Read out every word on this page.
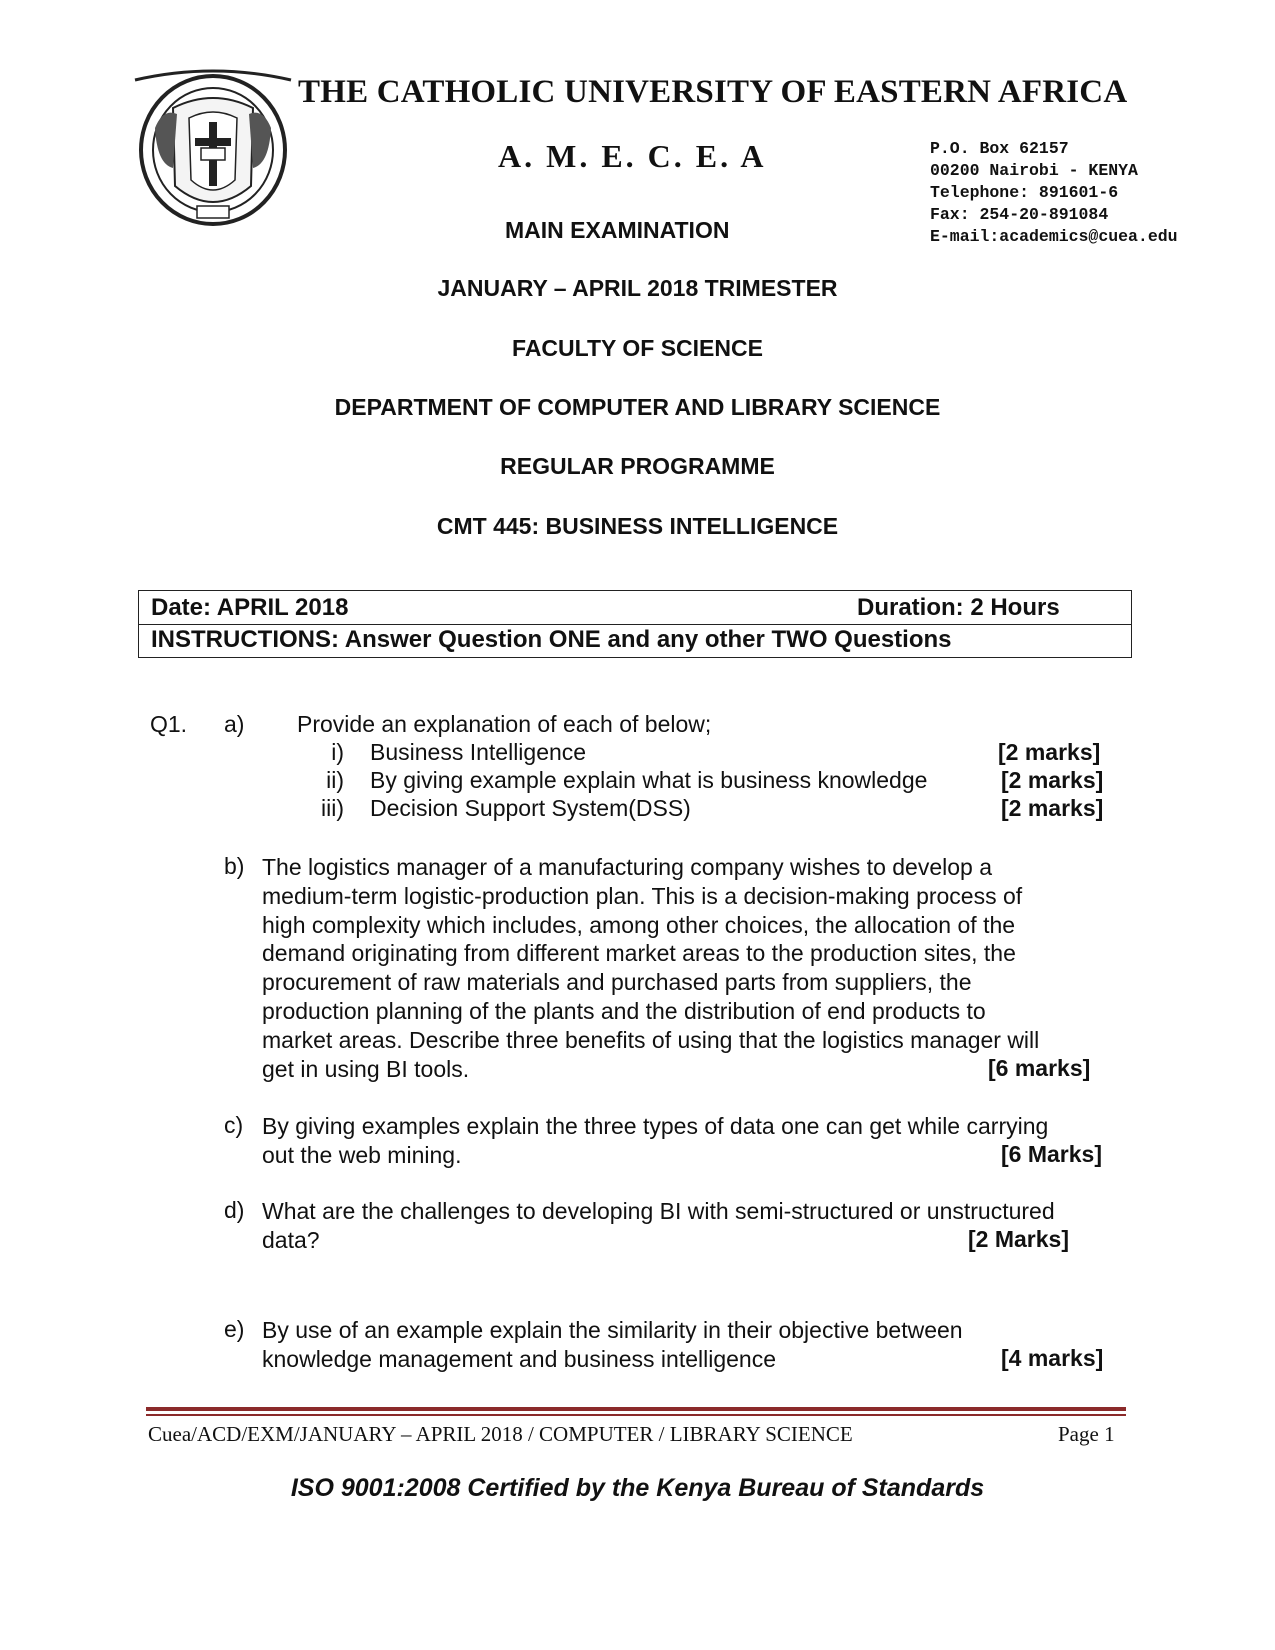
THE CATHOLIC UNIVERSITY OF EASTERN AFRICA
A. M. E. C. E. A	P.O. Box 62157
00200 Nairobi - KENYA
Telephone: 891601-6
Fax: 254-20-891084
E-mail:academics@cuea.edu
MAIN EXAMINATION
JANUARY – APRIL 2018 TRIMESTER
FACULTY OF SCIENCE
DEPARTMENT OF COMPUTER AND LIBRARY SCIENCE
REGULAR PROGRAMME
CMT 445: BUSINESS INTELLIGENCE
Date: APRIL 2018	Duration: 2 Hours
INSTRUCTIONS: Answer Question ONE and any other TWO Questions
Q1. a) Provide an explanation of each of below;
i) Business Intelligence	[2 marks]
ii) By giving example explain what is business knowledge	[2 marks]
iii) Decision Support System(DSS)	[2 marks]
b) The logistics manager of a manufacturing company wishes to develop a
medium-term logistic-production plan. This is a decision-making process of
high complexity which includes, among other choices, the allocation of the
demand originating from different market areas to the production sites, the
procurement of raw materials and purchased parts from suppliers, the
production planning of the plants and the distribution of end products to
market areas. Describe three benefits of using that the logistics manager will
get in using BI tools.	[6 marks]
c) By giving examples explain the three types of data one can get while carrying
out the web mining.	[6 Marks]
d) What are the challenges to developing BI with semi-structured or unstructured
data?	[2 Marks]
e) By use of an example explain the similarity in their objective between
knowledge management and business intelligence	[4 marks]
Cuea/ACD/EXM/JANUARY – APRIL 2018 / COMPUTER / LIBRARY SCIENCE	Page 1
ISO 9001:2008 Certified by the Kenya Bureau of Standards
